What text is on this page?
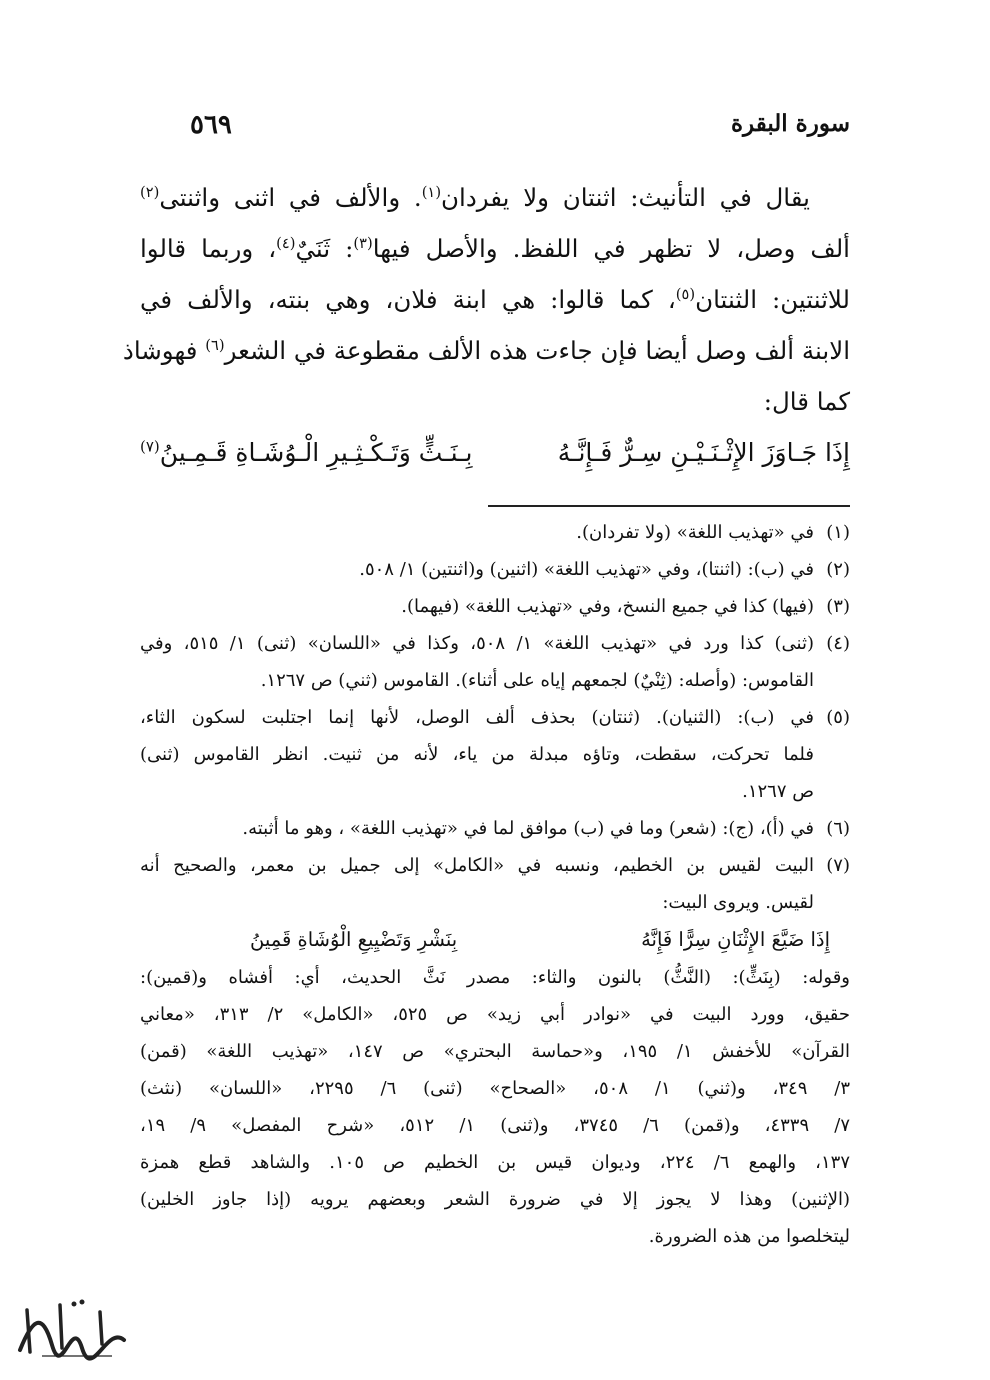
سورة البقرة
٥٦٩

يقال في التأنيث: اثنتان ولا يفردان$^{(١)}$. والألف في اثنى واثنتى$^{(٢)}$
ألف وصل، لا تظهر في اللفظ. والأصل فيها$^{(٣)}$: ثَنَيٌ$^{(٤)}$، وربما قالوا
للاثنتين: الثنتان$^{(٥)}$، كما قالوا: هي ابنة فلان، وهي بنته، والألف في
الابنة ألف وصل أيضا فإن جاءت هذه الألف مقطوعة في الشعر$^{(٦)}$ فهوشاذ
كما قال:

إِذَا جَـاوَزَ الإِثْـنَـيْـنِ سِـرٌّ فَـإِنَّـهُ
بِـنَـثٍّ وَتَـكْـثِـيرِ الْـوُشَـاةِ قَـمِـينُ$^{(٧)}$
(١)
في «تهذيب اللغة» (ولا تفردان).
(٢)
في (ب): (اثنتا)، وفي «تهذيب اللغة» (اثنين) و(اثنتين) ١/ ٥٠٨.
(٣)
(فيها) كذا في جميع النسخ، وفي «تهذيب اللغة» (فيهما).
(٤)
(ثنى) كذا ورد في «تهذيب اللغة» ١/ ٥٠٨، وكذا في «اللسان» (ثنى) ١/ ٥١٥، وفي
القاموس: (وأصله: (ثِنْيٌ) لجمعهم إياه على أثناء). القاموس (ثني) ص ١٢٦٧.
(٥)
في (ب): (الثنيان). (ثنتان) بحذف ألف الوصل، لأنها إنما اجتلبت لسكون الثاء،
فلما تحركت، سقطت، وتاؤه مبدلة من ياء، لأنه من ثنيت. انظر القاموس (ثنى)
ص ١٢٦٧.
(٦)
في (أ)، (ج): (شعر) وما في (ب) موافق لما في «تهذيب اللغة» ، وهو ما أثبته.
(٧)
البيت لقيس بن الخطيم، ونسبه في «الكامل» إلى جميل بن معمر، والصحيح أنه
لقيس. ويروى البيت:
إِذَا ضَيَّعَ الإِثْنَانِ سِرًّا فَإِنَّهُ
بِنَشْرِ وَتَضْيِيعِ الْوُشَاةِ قَمِينُ
وقوله: (بِنَثٍّ): (النَّثُّ) بالنون والثاء: مصدر نَثَّ الحديث، أي: أفشاه و(قمين):
حقيق، وورد البيت في «نوادر أبي زيد» ص ٥٢٥، «الكامل» ٢/ ٣١٣، «معاني
القرآن» للأخفش ١/ ١٩٥، و«حماسة البحتري» ص ١٤٧، «تهذيب اللغة» (قمن)
٣/ ٣٤٩، و(ثني) ١/ ٥٠٨، «الصحاح» (ثنى) ٦/ ٢٢٩٥، «اللسان» (نثث)
٧/ ٤٣٣٩، و(قمن) ٦/ ٣٧٤٥، و(ثنى) ١/ ٥١٢، «شرح المفصل» ٩/ ١٩،
١٣٧، والهمع ٦/ ٢٢٤، وديوان قيس بن الخطيم ص ١٠٥. والشاهد قطع همزة
(الإثنين) وهذا لا يجوز إلا في ضرورة الشعر وبعضهم يرويه (إذا جاوز الخلين)
ليتخلصوا من هذه الضرورة.
